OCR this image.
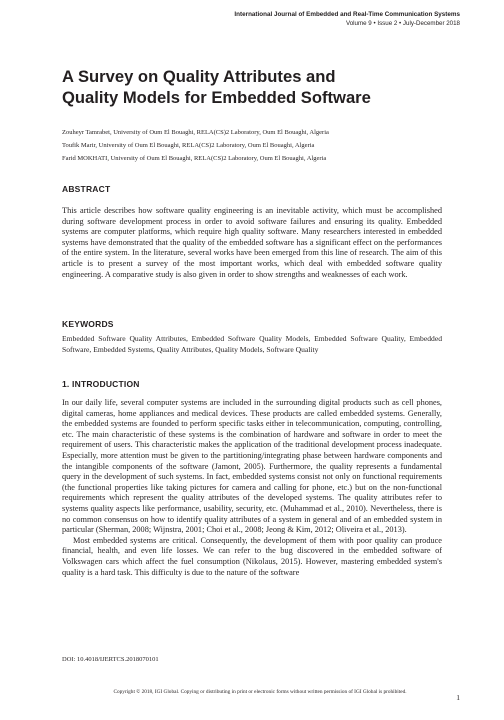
International Journal of Embedded and Real-Time Communication Systems
Volume 9 • Issue 2 • July-December 2018
A Survey on Quality Attributes and
Quality Models for Embedded Software
Zouheyr Tamrabet, University of Oum El Bouaghi, RELA(CS)2 Laboratory, Oum El Bouaghi, Algeria
Toufik Marir, University of Oum El Bouaghi, RELA(CS)2 Laboratory, Oum El Bouaghi, Algeria
Farid MOKHATI, University of Oum El Bouaghi, RELA(CS)2 Laboratory, Oum El Bouaghi, Algeria
ABSTRACT

This article describes how software quality engineering is an inevitable activity, which must be accomplished during software development process in order to avoid software failures and ensuring its quality. Embedded systems are computer platforms, which require high quality software. Many researchers interested in embedded systems have demonstrated that the quality of the embedded software has a significant effect on the performances of the entire system. In the literature, several works have been emerged from this line of research. The aim of this article is to present a survey of the most important works, which deal with embedded software quality engineering. A comparative study is also given in order to show strengths and weaknesses of each work.

KEYWORDS

Embedded Software Quality Attributes, Embedded Software Quality Models, Embedded Software Quality, Embedded Software, Embedded Systems, Quality Attributes, Quality Models, Software Quality

1. INTRODUCTION

In our daily life, several computer systems are included in the surrounding digital products such as cell phones, digital cameras, home appliances and medical devices. These products are called embedded systems. Generally, the embedded systems are founded to perform specific tasks either in telecommunication, computing, controlling, etc. The main characteristic of these systems is the combination of hardware and software in order to meet the requirement of users. This characteristic makes the application of the traditional development process inadequate. Especially, more attention must be given to the partitioning/integrating phase between hardware components and the intangible components of the software (Jamont, 2005). Furthermore, the quality represents a fundamental query in the development of such systems. In fact, embedded systems consist not only on functional requirements (the functional properties like taking pictures for camera and calling for phone, etc.) but on the non-functional requirements which represent the quality attributes of the developed systems. The quality attributes refer to systems quality aspects like performance, usability, security, etc. (Muhammad et al., 2010). Nevertheless, there is no common consensus on how to identify quality attributes of a system in general and of an embedded system in particular (Sherman, 2008; Wijnstra, 2001; Choi et al., 2008; Jeong & Kim, 2012; Oliveira et al., 2013).

Most embedded systems are critical. Consequently, the development of them with poor quality can produce financial, health, and even life losses. We can refer to the bug discovered in the embedded software of Volkswagen cars which affect the fuel consumption (Nikolaus, 2015). However, mastering embedded system's quality is a hard task. This difficulty is due to the nature of the software

DOI: 10.4018/IJERTCS.2018070101
Copyright © 2018, IGI Global. Copying or distributing in print or electronic forms without written permission of IGI Global is prohibited.
1
